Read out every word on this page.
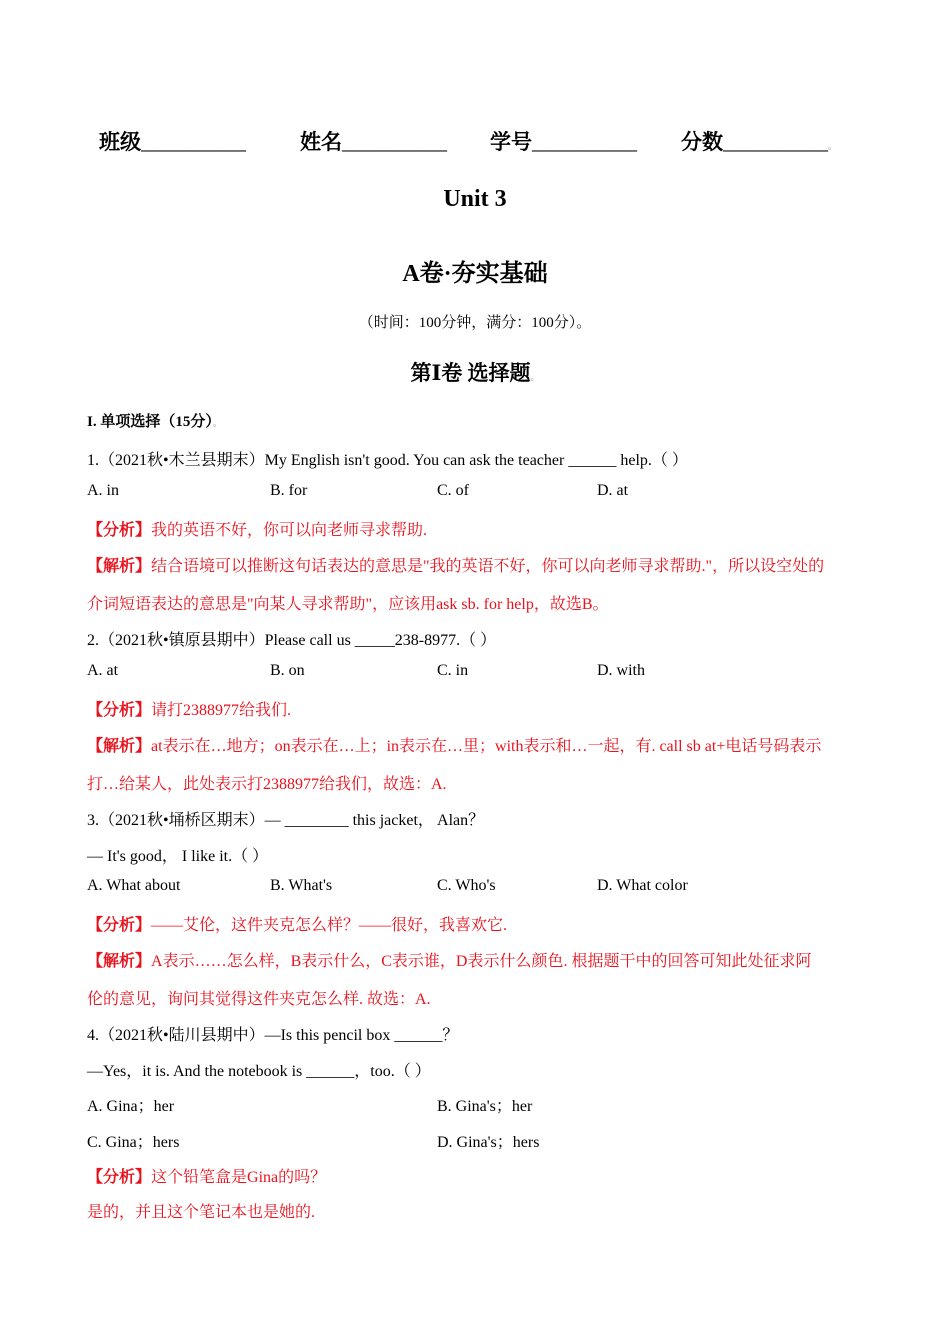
班级__________	姓名__________ 学号__________ 分数__________。
Unit 3
A卷·夯实基础
（时间：100分钟，满分：100分）。
第Ⅰ卷 选择题。
I. 单项选择（15分）。
1.（2021秋•木兰县期末）My English isn't good. You can ask the teacher ______ help.（ ）
A. in	B. for	C. of	D. at
【分析】我的英语不好，你可以向老师寻求帮助.
【解析】结合语境可以推断这句话表达的意思是"我的英语不好，你可以向老师寻求帮助."，所以设空处的
介词短语表达的意思是"向某人寻求帮助"，应该用ask sb. for help，故选B。
2.（2021秋•镇原县期中）Please call us _____238-8977.（ ）
A. at	B. on	C. in	D. with
【分析】请打2388977给我们.
【解析】at表示在…地方；on表示在…上；in表示在…里；with表示和…一起，有. call sb at+电话号码表示
打…给某人，此处表示打2388977给我们，故选：A.
3.（2021秋•埇桥区期末）— ________ this jacket， Alan？
— It's good， I like it.（ ）
A. What about	B. What's	C. Who's	D. What color
【分析】——艾伦，这件夹克怎么样？——很好，我喜欢它.
【解析】A表示……怎么样，B表示什么，C表示谁，D表示什么颜色. 根据题干中的回答可知此处征求阿
伦的意见，询问其觉得这件夹克怎么样. 故选：A.
4.（2021秋•陆川县期中）—Is this pencil box ______？
—Yes，it is. And the notebook is ______，too.（ ）
A. Gina；her	B. Gina's；her
C. Gina；hers	D. Gina's；hers
【分析】这个铅笔盒是Gina的吗？
是的，并且这个笔记本也是她的.
